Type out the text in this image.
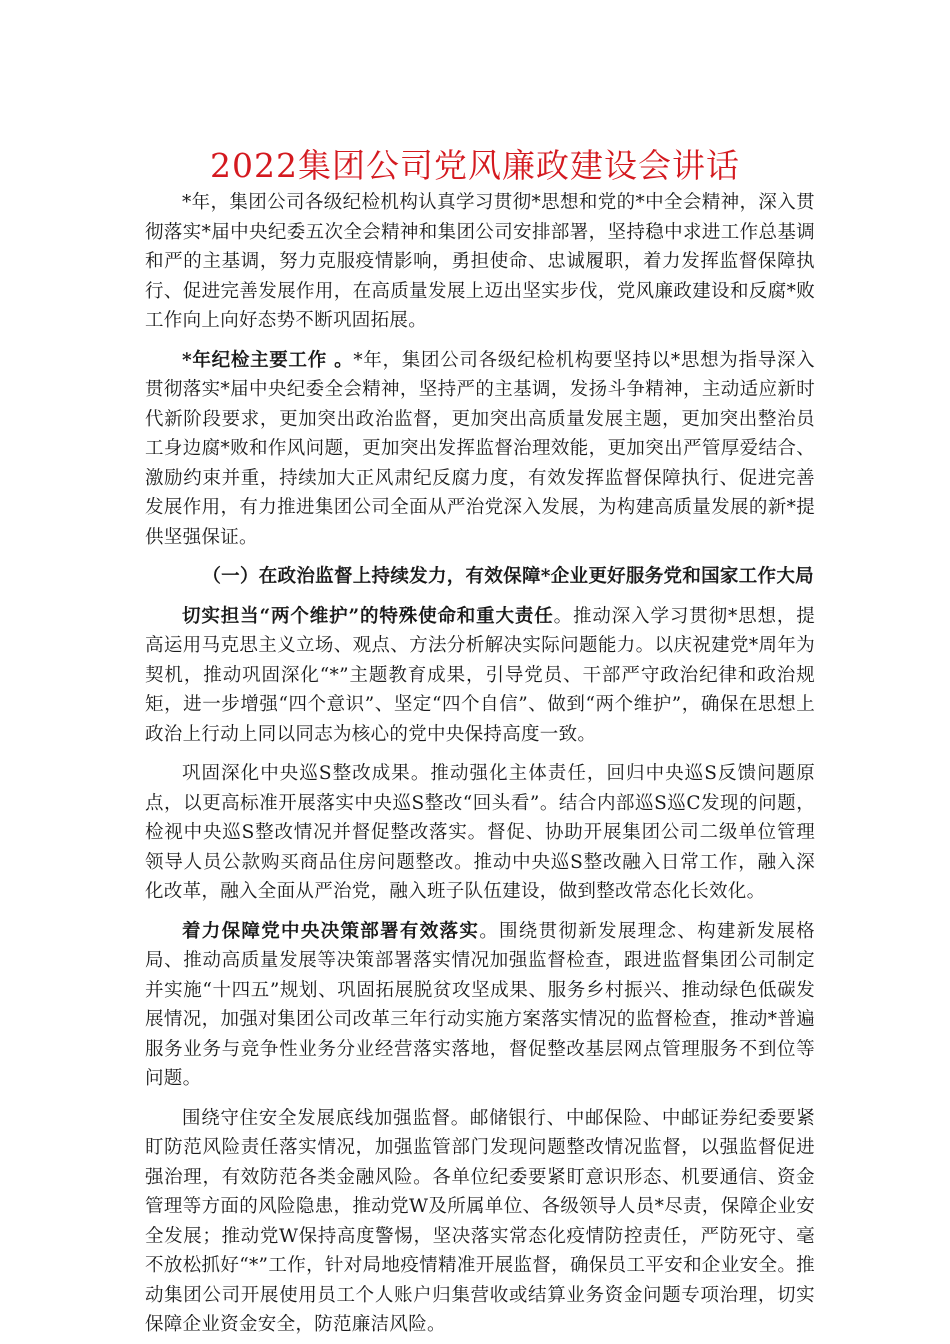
2022集团公司党风廉政建设会讲话

*年，集团公司各级纪检机构认真学习贯彻*思想和党的*中全会精神，深入贯彻落实*届中央纪委五次全会精神和集团公司安排部署，坚持稳中求进工作总基调和严的主基调，努力克服疫情影响，勇担使命、忠诚履职，着力发挥监督保障执行、促进完善发展作用，在高质量发展上迈出坚实步伐，党风廉政建设和反腐*败工作向上向好态势不断巩固拓展。

*年纪检主要工作 。*年，集团公司各级纪检机构要坚持以*思想为指导深入贯彻落实*届中央纪委全会精神，坚持严的主基调，发扬斗争精神，主动适应新时代新阶段要求，更加突出政治监督，更加突出高质量发展主题，更加突出整治员工身边腐*败和作风问题，更加突出发挥监督治理效能，更加突出严管厚爱结合、激励约束并重，持续加大正风肃纪反腐力度，有效发挥监督保障执行、促进完善发展作用，有力推进集团公司全面从严治党深入发展，为构建高质量发展的新*提供坚强保证。

（一）在政治监督上持续发力，有效保障*企业更好服务党和国家工作大局

切实担当“两个维护”的特殊使命和重大责任。推动深入学习贯彻*思想，提高运用马克思主义立场、观点、方法分析解决实际问题能力。以庆祝建党*周年为契机，推动巩固深化“*”主题教育成果，引导党员、干部严守政治纪律和政治规矩，进一步增强“四个意识”、坚定“四个自信”、做到“两个维护”，确保在思想上政治上行动上同以同志为核心的党中央保持高度一致。

巩固深化中央巡S整改成果。推动强化主体责任，回归中央巡S反馈问题原点，以更高标准开展落实中央巡S整改“回头看”。结合内部巡S巡C发现的问题，检视中央巡S整改情况并督促整改落实。督促、协助开展集团公司二级单位管理领导人员公款购买商品住房问题整改。推动中央巡S整改融入日常工作，融入深化改革，融入全面从严治党，融入班子队伍建设，做到整改常态化长效化。

着力保障党中央决策部署有效落实。围绕贯彻新发展理念、构建新发展格局、推动高质量发展等决策部署落实情况加强监督检查，跟进监督集团公司制定并实施“十四五”规划、巩固拓展脱贫攻坚成果、服务乡村振兴、推动绿色低碳发展情况，加强对集团公司改革三年行动实施方案落实情况的监督检查，推动*普遍服务业务与竞争性业务分业经营落实落地，督促整改基层网点管理服务不到位等问题。

围绕守住安全发展底线加强监督。邮储银行、中邮保险、中邮证券纪委要紧盯防范风险责任落实情况，加强监管部门发现问题整改情况监督，以强监督促进强治理，有效防范各类金融风险。各单位纪委要紧盯意识形态、机要通信、资金管理等方面的风险隐患，推动党W及所属单位、各级领导人员*尽责，保障企业安全发展；推动党W保持高度警惕，坚决落实常态化疫情防控责任，严防死守、毫不放松抓好“*”工作，针对局地疫情精准开展监督，确保员工平安和企业安全。推动集团公司开展使用员工个人账户归集营收或结算业务资金问题专项治理，切实保障企业资金安全，防范廉洁风险。
